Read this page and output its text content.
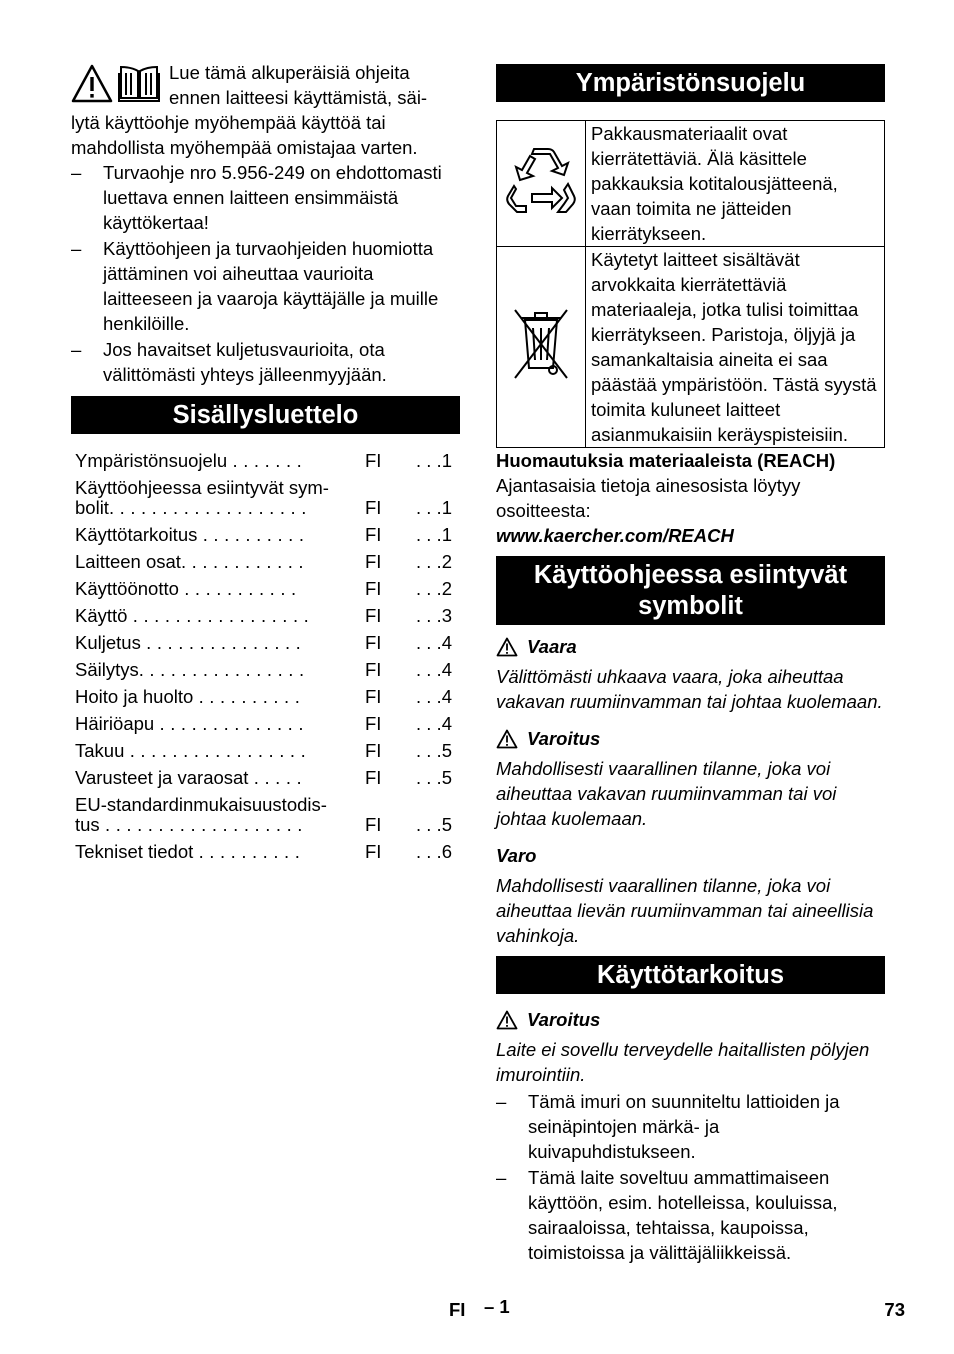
Lue tämä alkuperäisiä ohjeita
ennen laitteesi käyttämistä, säi-
lytä käyttöohje myöhempää käyttöä tai
mahdollista myöhempää omistajaa varten.

– Turvaohje nro 5.956-249 on ehdottomasti luettava ennen laitteen ensimmäistä käyttökertaa!
– Käyttöohjeen ja turvaohjeiden huomiotta jättäminen voi aiheuttaa vaurioita laitteeseen ja vaaroja käyttäjälle ja muille henkilöille.
– Jos havaitset kuljetusvaurioita, ota välittömästi yhteys jälleenmyyjään.
Sisällysluettelo
Ympäristönsuojelu . . . . . . .	FI . . .1
Käyttöohjeessa esiintyvät sym-
bolit. . . . . . . . . . . . . . . . . . .	FI . . .1
Käyttötarkoitus . . . . . . . . . .	FI . . .1
Laitteen osat. . . . . . . . . . . .	FI . . .2
Käyttöönotto . . . . . . . . . . .	FI . . .2
Käyttö . . . . . . . . . . . . . . . . .	FI . . .3
Kuljetus . . . . . . . . . . . . . . .	FI . . .4
Säilytys. . . . . . . . . . . . . . . .	FI . . .4
Hoito ja huolto . . . . . . . . . .	FI . . .4
Häiriöapu . . . . . . . . . . . . . .	FI . . .4
Takuu . . . . . . . . . . . . . . . . .	FI . . .5
Varusteet ja varaosat . . . . .	FI . . .5
EU-standardinmukaisuustodis-
tus . . . . . . . . . . . . . . . . . . .	FI . . .5
Tekniset tiedot . . . . . . . . . .	FI . . .6
Ympäristönsuojelu
	Pakkausmateriaalit ovat kierrätettäviä. Älä käsittele pakkauksia kotitalousjätteenä, vaan toimita ne jätteiden kierrätykseen.
	Käytetyt laitteet sisältävät arvokkaita kierrätettäviä materiaaleja, jotka tulisi toimittaa kierrätykseen. Paristoja, öljyjä ja samankaltaisia aineita ei saa päästää ympäristöön. Tästä syystä toimita kuluneet laitteet asianmukaisiin keräyspisteisiin.

Huomautuksia materiaaleista (REACH)

Ajantasaisia tietoja ainesosista löytyy osoitteesta:

www.kaercher.com/REACH

Käyttöohjeessa esiintyvät symbolit
Vaara

Välittömästi uhkaava vaara, joka aiheuttaa vakavan ruumiinvamman tai johtaa kuolemaan.

Varoitus

Mahdollisesti vaarallinen tilanne, joka voi aiheuttaa vakavan ruumiinvamman tai voi johtaa kuolemaan.

Varo

Mahdollisesti vaarallinen tilanne, joka voi aiheuttaa lievän ruumiinvamman tai aineellisia vahinkoja.

Käyttötarkoitus
Varoitus

Laite ei sovellu terveydelle haitallisten pölyjen imurointiin.

– Tämä imuri on suunniteltu lattioiden ja seinäpintojen märkä- ja kuivapuhdistukseen.
– Tämä laite soveltuu ammattimaiseen käyttöön, esim. hotelleissa, kouluissa, sairaaloissa, tehtaissa, kaupoissa, toimistoissa ja välittäjäliikkeissä.
FI – 1	73
